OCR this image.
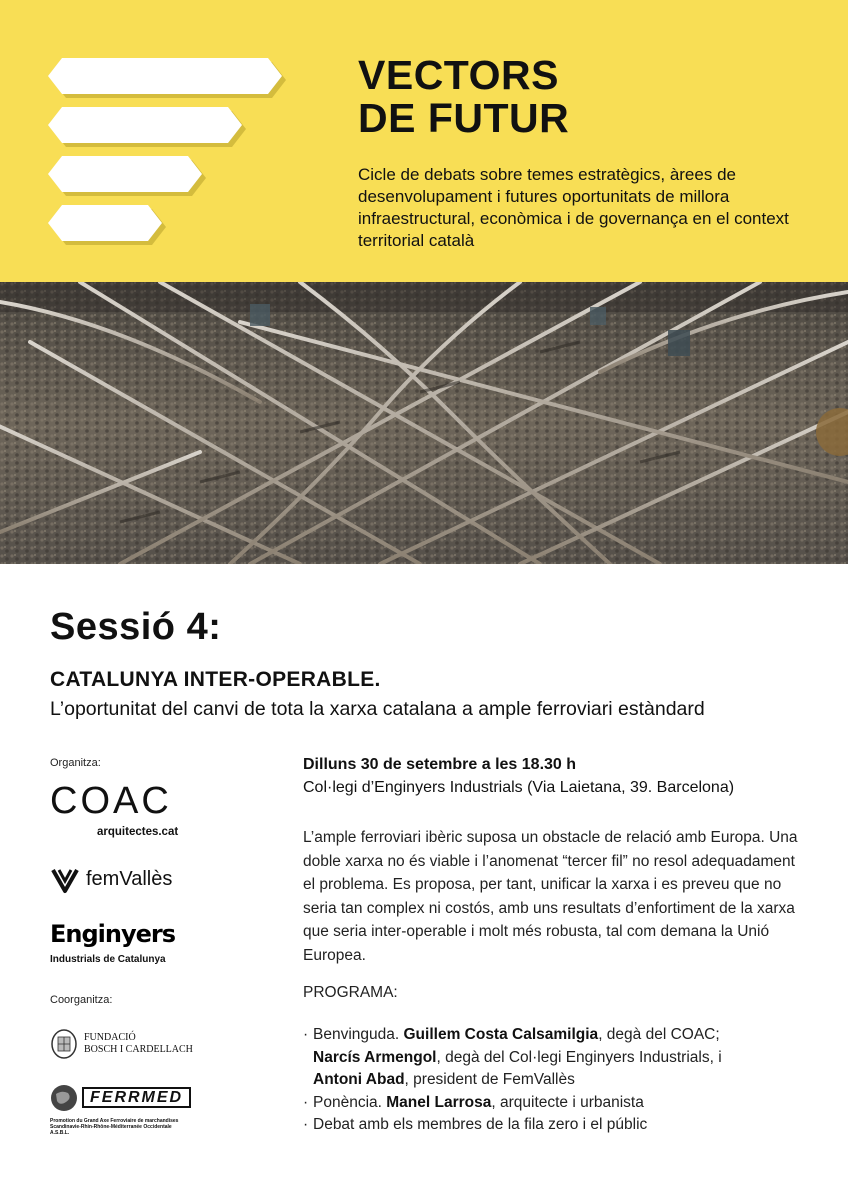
VECTORS
DE FUTUR
Cicle de debats sobre temes estratègics, àrees de desenvolupament i futures oportunitats de millora infraestructural, econòmica i de governança en el context territorial català
Sessió 4:
CATALUNYA INTER-OPERABLE.
L’oportunitat del canvi de tota la xarxa catalana a ample ferroviari estàndard
Organitza:
COAC
arquitectes.cat
femVallès
Enginyers
Industrials de Catalunya
Coorganitza:
FUNDACIÓ
BOSCH I CARDELLACH
FERRMED
Promotion du Grand Axe Ferroviaire de marchandises Scandinavie-Rhin-Rhône-Méditerranée Occidentale A.S.B.L.
Dilluns 30 de setembre a les 18.30 h
Col·legi d’Enginyers Industrials (Via Laietana, 39. Barcelona)
L’ample ferroviari ibèric suposa un obstacle de relació amb Europa. Una doble xarxa no és viable i l’anomenat “tercer fil” no resol adequadament el problema. Es proposa, per tant, unificar la xarxa i es preveu que no seria tan complex ni costós, amb uns resultats d’enfortiment de la xarxa que seria inter-operable i molt més robusta, tal com demana la Unió Europea.
PROGRAMA:
· Benvinguda. Guillem Costa Calsamilgia, degà del COAC;
Narcís Armengol, degà del Col·legi Enginyers Industrials, i
Antoni Abad, president de FemVallès
· Ponència. Manel Larrosa, arquitecte i urbanista
· Debat amb els membres de la fila zero i el públic
